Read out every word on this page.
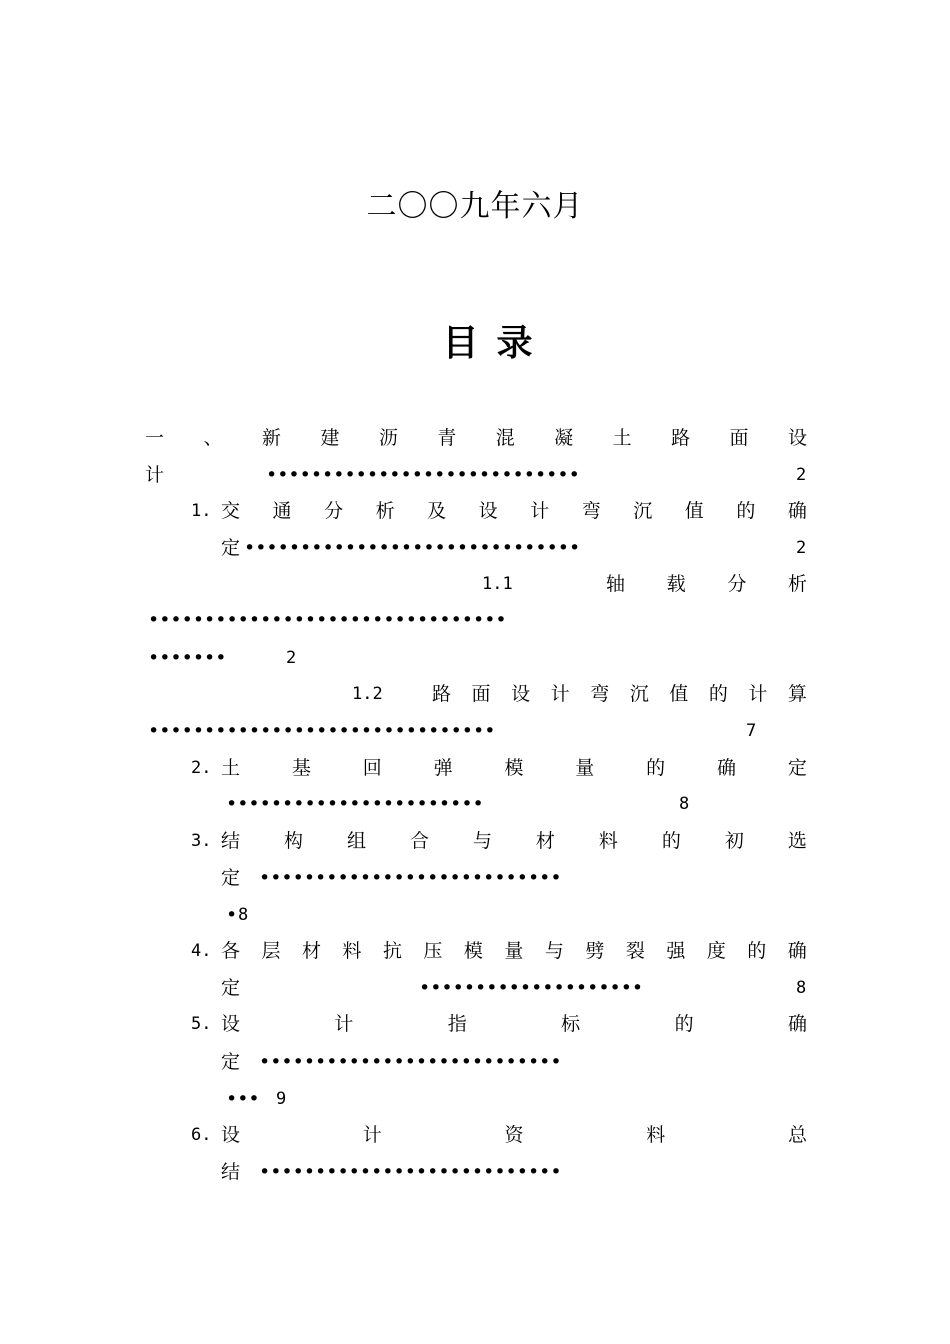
二〇〇九年六月
目 录
一 、 新 建 沥 青 混 凝 土 路 面 设
计	••••••••••••••••••••••••••••	2
1. 交 通 分 析 及 设 计 弯 沉 值 的 确
定 ••••••••••••••••••••••••••••••	2
1.1	轴 载 分 析
••••••••••••••••••••••••••••••••
•••••••	2
1.2	路 面 设 计 弯 沉 值 的 计 算
•••••••••••••••••••••••••••••••	7
2. 土	基	回	弹	模	量	的	确	定
•••••••••••••••••••••••	8
3. 结 构 组 合 与 材 料 的 初 选
定 •••••••••••••••••••••••••••
• 8
4. 各 层 材 料 抗 压 模 量 与 劈 裂 强 度 的 确
定	••••••••••••••••••••	8
5. 设	计	指	标	的	确
定 •••••••••••••••••••••••••••
••• 9
6. 设	计	资	料	总
结 •••••••••••••••••••••••••••
